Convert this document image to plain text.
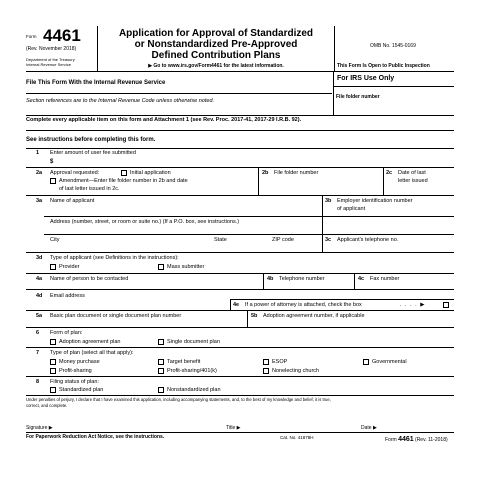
Form 4461
(Rev. November 2018)
Department of the Treasury
Internal Revenue Service
Application for Approval of Standardized
or Nonstandardized Pre-Approved
Defined Contribution Plans
▶ Go to www.irs.gov/Form4461 for the latest information.
OMB No. 1545-0169
This Form Is Open to Public Inspection
File This Form With the Internal Revenue Service
Section references are to the Internal Revenue Code unless otherwise noted.
For IRS Use Only
File folder number
Complete every applicable item on this form and Attachment 1 (see Rev. Proc. 2017-41, 2017-29 I.R.B. 92).
See instructions before completing this form.
1 Enter amount of user fee submitted
$
2a Approval requested:	Initial application
Amendment—Enter file folder number in 2b and date
of last letter issued in 2c.
2b File folder number	2c Date of last
letter issued
3a Name of applicant	3b Employer identification number
of applicant
Address (number, street, or room or suite no.) (If a P.O. box, see instructions.)
City	State	ZIP code	3c Applicant's telephone no.
3d Type of applicant (see Definitions in the instructions):
Provider	Mass submitter
4a Name of person to be contacted	4b Telephone number	4c Fax number
4d Email address
4e If a power of attorney is attached, check the box	. . . . ▶
5a Basic plan document or single document plan number	5b Adoption agreement number, if applicable
6 Form of plan:
Adoption agreement plan	Single document plan
7 Type of plan (select all that apply):
Money purchase	Target benefit	ESOP	Governmental
Profit-sharing	Profit-sharing/401(k)	Nonelecting church
8 Filing status of plan:
Standardized plan	Nonstandardized plan
Under penalties of perjury, I declare that I have examined this application, including accompanying statements, and, to the best of my knowledge and belief, it is true,
correct, and complete.
Signature ▶	Title ▶	Date ▶
For Paperwork Reduction Act Notice, see the instructions.	Cat. No. 41878H	Form 4461 (Rev. 11-2018)
